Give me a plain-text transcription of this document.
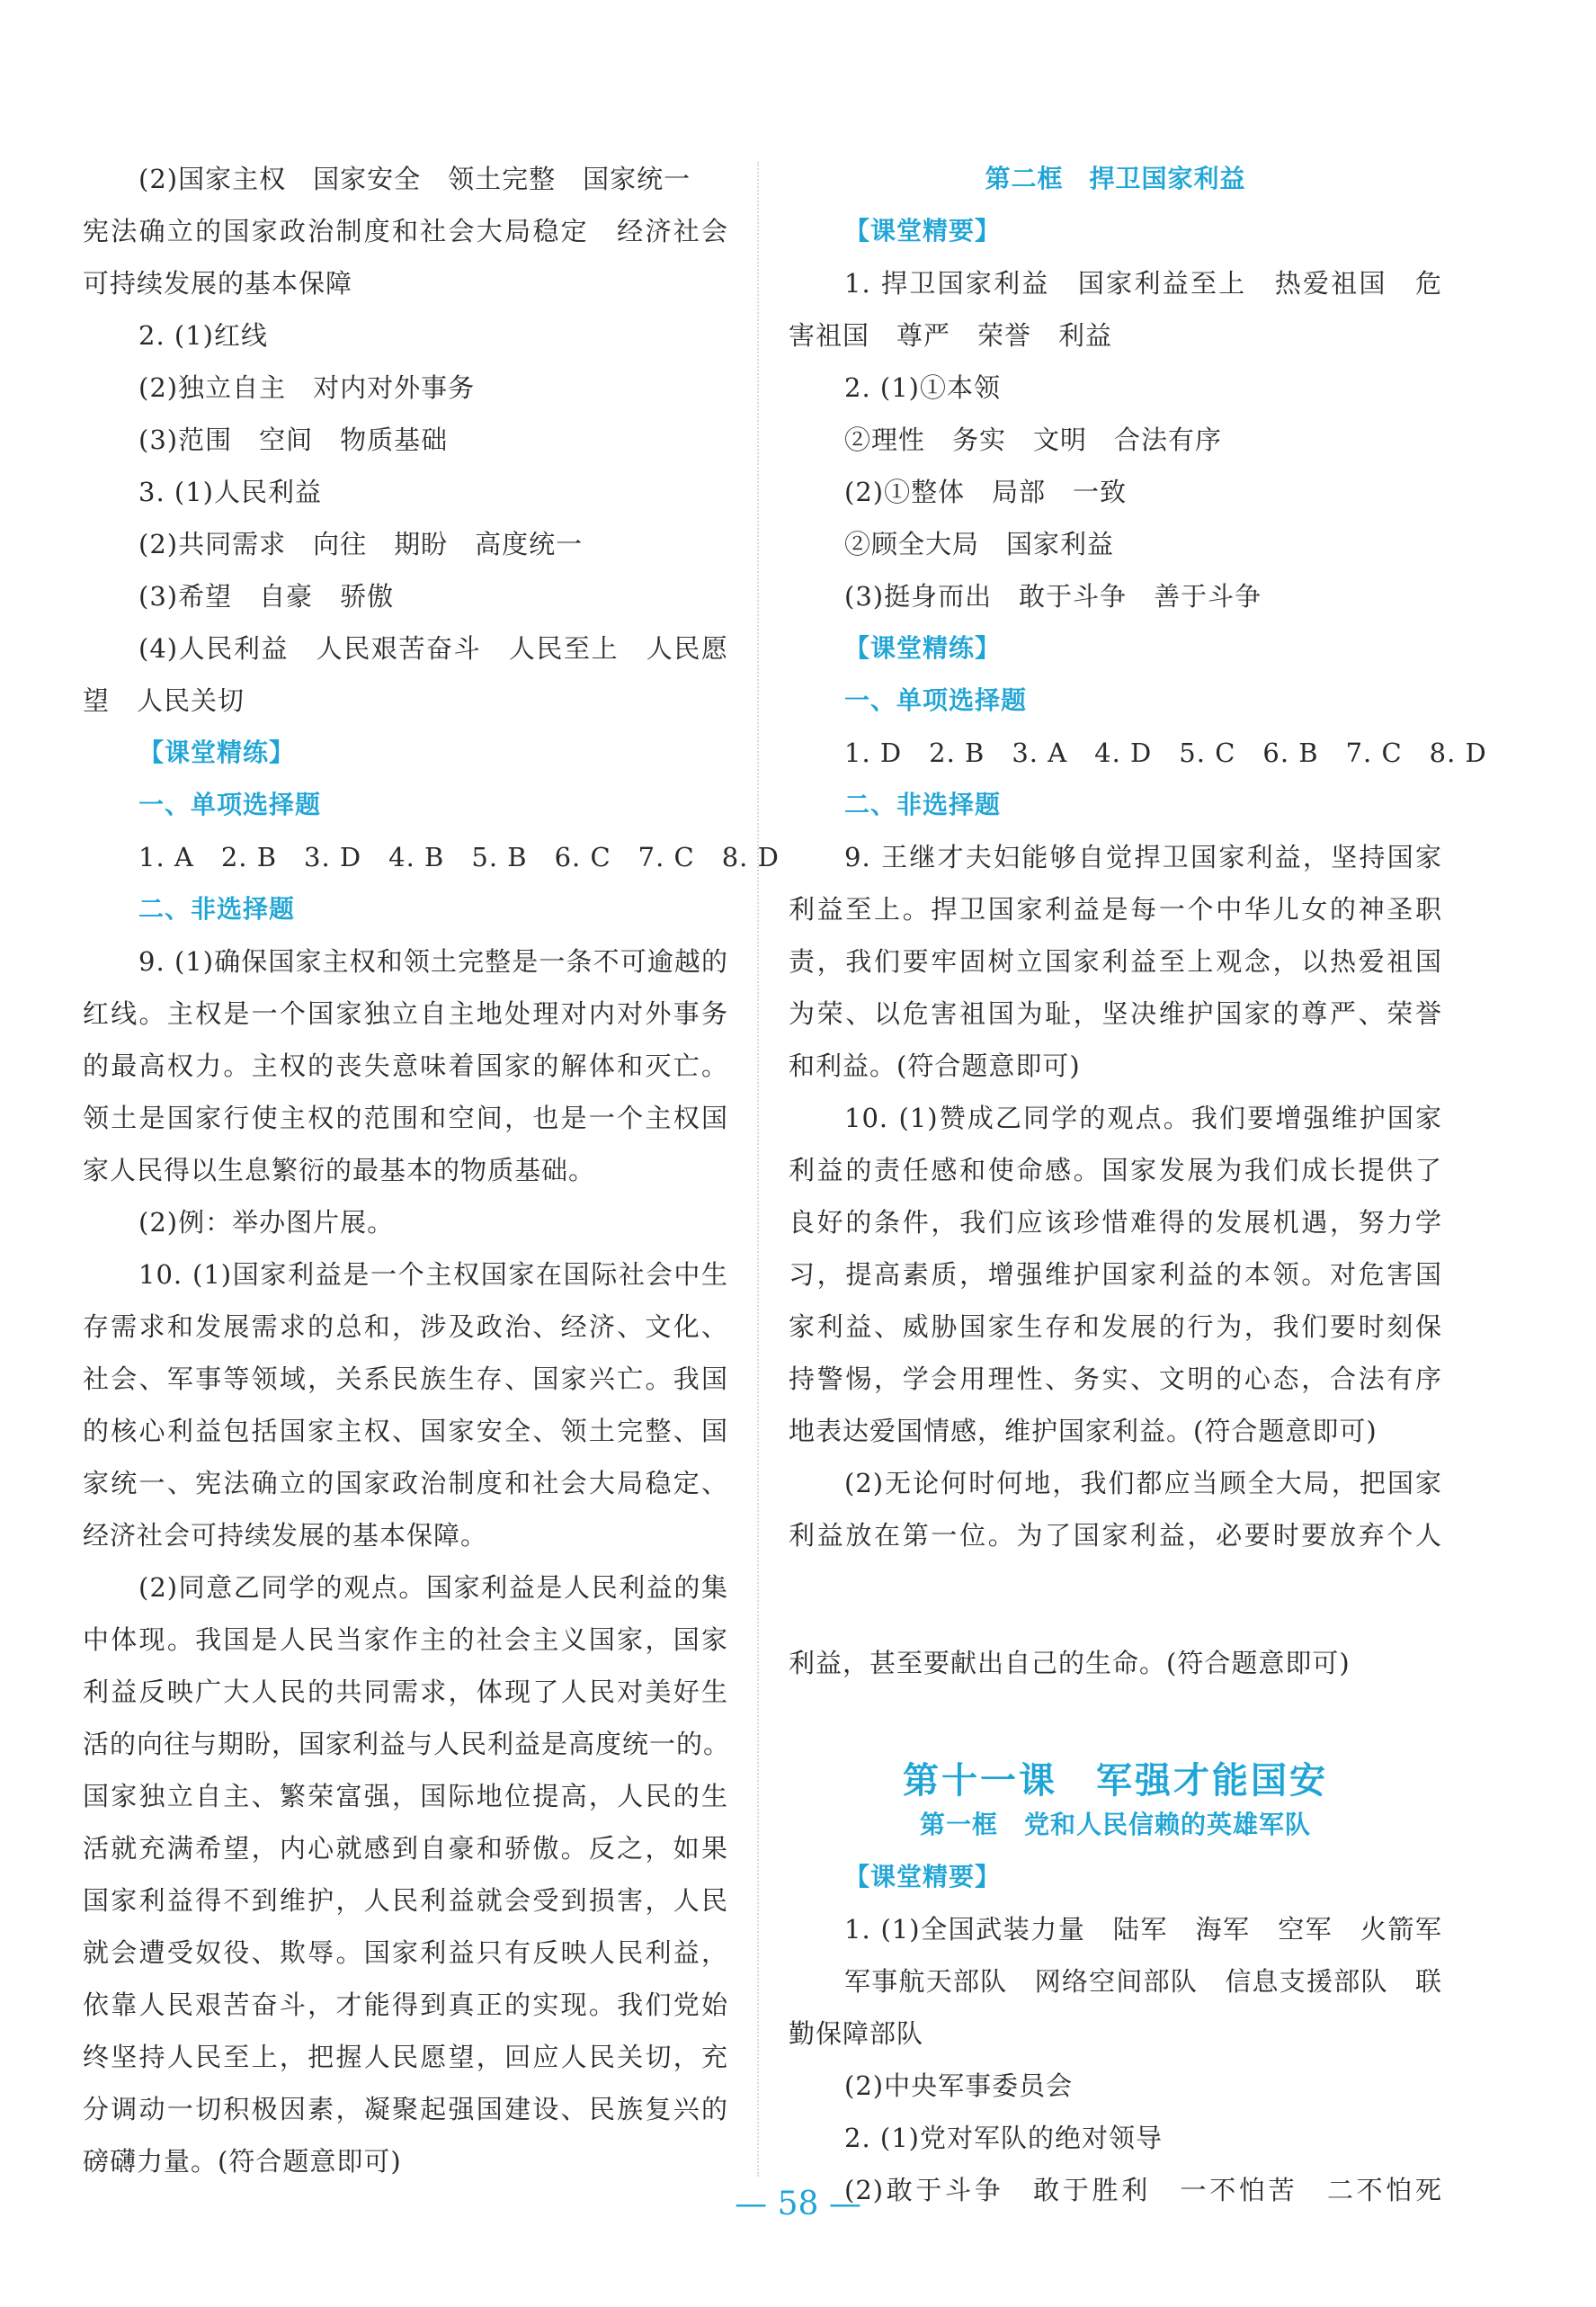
(2)国家主权　国家安全　领土完整　国家统一
宪法确立的国家政治制度和社会大局稳定　经济社会
可持续发展的基本保障
2. (1)红线
(2)独立自主　对内对外事务
(3)范围　空间　物质基础
3. (1)人民利益
(2)共同需求　向往　期盼　高度统一
(3)希望　自豪　骄傲
(4)人民利益　人民艰苦奋斗　人民至上　人民愿
望　人民关切
【课堂精练】
一、单项选择题
1. A　2. B　3. D　4. B　5. B　6. C　7. C　8. D
二、非选择题
9. (1)确保国家主权和领土完整是一条不可逾越的
红线。主权是一个国家独立自主地处理对内对外事务
的最高权力。主权的丧失意味着国家的解体和灭亡。
领土是国家行使主权的范围和空间，也是一个主权国
家人民得以生息繁衍的最基本的物质基础。
(2)例：举办图片展。
10. (1)国家利益是一个主权国家在国际社会中生
存需求和发展需求的总和，涉及政治、经济、文化、
社会、军事等领域，关系民族生存、国家兴亡。我国
的核心利益包括国家主权、国家安全、领土完整、国
家统一、宪法确立的国家政治制度和社会大局稳定、
经济社会可持续发展的基本保障。
(2)同意乙同学的观点。国家利益是人民利益的集
中体现。我国是人民当家作主的社会主义国家，国家
利益反映广大人民的共同需求，体现了人民对美好生
活的向往与期盼，国家利益与人民利益是高度统一的。
国家独立自主、繁荣富强，国际地位提高，人民的生
活就充满希望，内心就感到自豪和骄傲。反之，如果
国家利益得不到维护，人民利益就会受到损害，人民
就会遭受奴役、欺辱。国家利益只有反映人民利益，
依靠人民艰苦奋斗，才能得到真正的实现。我们党始
终坚持人民至上，把握人民愿望，回应人民关切，充
分调动一切积极因素，凝聚起强国建设、民族复兴的
磅礴力量。(符合题意即可)
第二框　捍卫国家利益
【课堂精要】
1. 捍卫国家利益　国家利益至上　热爱祖国　危
害祖国　尊严　荣誉　利益
2. (1)①本领
②理性　务实　文明　合法有序
(2)①整体　局部　一致
②顾全大局　国家利益
(3)挺身而出　敢于斗争　善于斗争
【课堂精练】
一、单项选择题
1. D　2. B　3. A　4. D　5. C　6. B　7. C　8. D
二、非选择题
9. 王继才夫妇能够自觉捍卫国家利益，坚持国家
利益至上。捍卫国家利益是每一个中华儿女的神圣职
责，我们要牢固树立国家利益至上观念，以热爱祖国
为荣、以危害祖国为耻，坚决维护国家的尊严、荣誉
和利益。(符合题意即可)
10. (1)赞成乙同学的观点。我们要增强维护国家
利益的责任感和使命感。国家发展为我们成长提供了
良好的条件，我们应该珍惜难得的发展机遇，努力学
习，提高素质，增强维护国家利益的本领。对危害国
家利益、威胁国家生存和发展的行为，我们要时刻保
持警惕，学会用理性、务实、文明的心态，合法有序
地表达爱国情感，维护国家利益。(符合题意即可)
(2)无论何时何地，我们都应当顾全大局，把国家
利益放在第一位。为了国家利益，必要时要放弃个人
利益，甚至要献出自己的生命。(符合题意即可)
第十一课　军强才能国安
第一框　党和人民信赖的英雄军队
【课堂精要】
1. (1)全国武装力量　陆军　海军　空军　火箭军
军事航天部队　网络空间部队　信息支援部队　联
勤保障部队
(2)中央军事委员会
2. (1)党对军队的绝对领导
(2)敢于斗争　敢于胜利　一不怕苦　二不怕死
— 58 —
